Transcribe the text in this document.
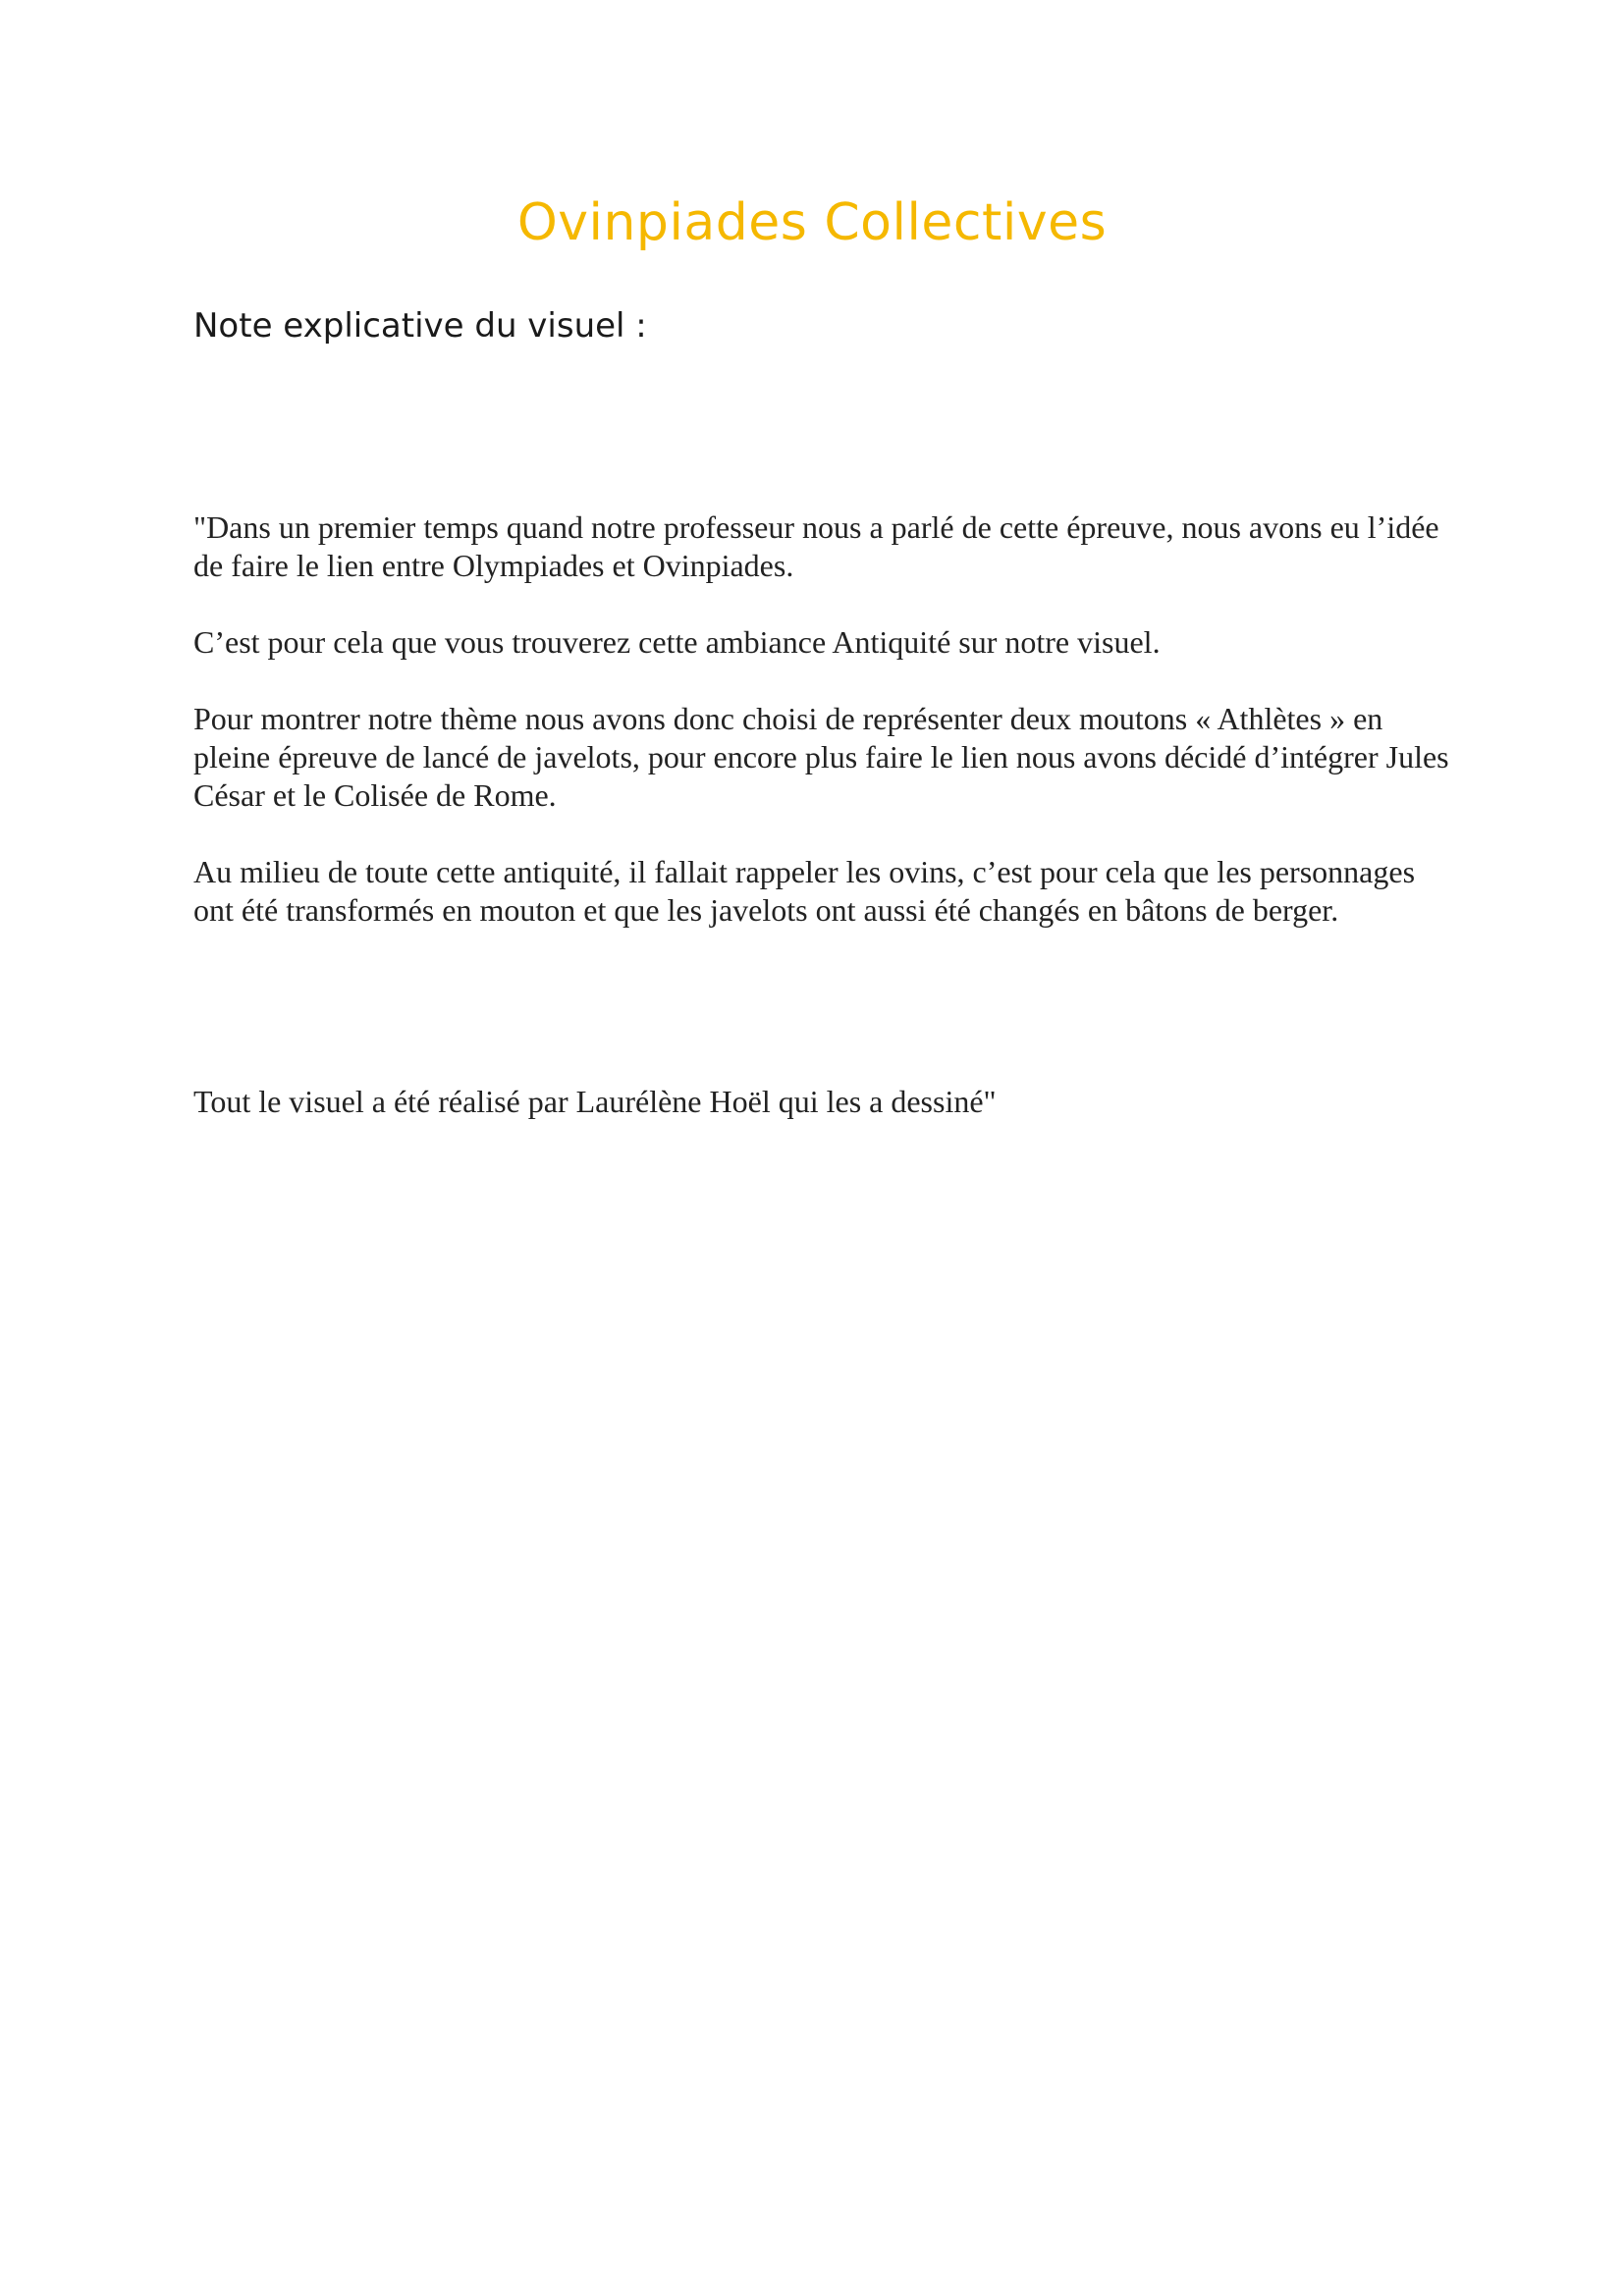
Ovinpiades Collectives

Note explicative du visuel :

"Dans un premier temps quand notre professeur nous a parlé de cette épreuve, nous avons eu l’idée de faire le lien entre Olympiades et Ovinpiades.

C’est pour cela que vous trouverez cette ambiance Antiquité sur notre visuel.

Pour montrer notre thème nous avons donc choisi de représenter deux moutons « Athlètes » en pleine épreuve de lancé de javelots, pour encore plus faire le lien nous avons décidé d’intégrer Jules César et le Colisée de Rome.

Au milieu de toute cette antiquité, il fallait rappeler les ovins, c’est pour cela que les personnages ont été transformés en mouton et que les javelots ont aussi été changés en bâtons de berger.

Tout le visuel a été réalisé par Laurélène Hoël qui les a dessiné"
